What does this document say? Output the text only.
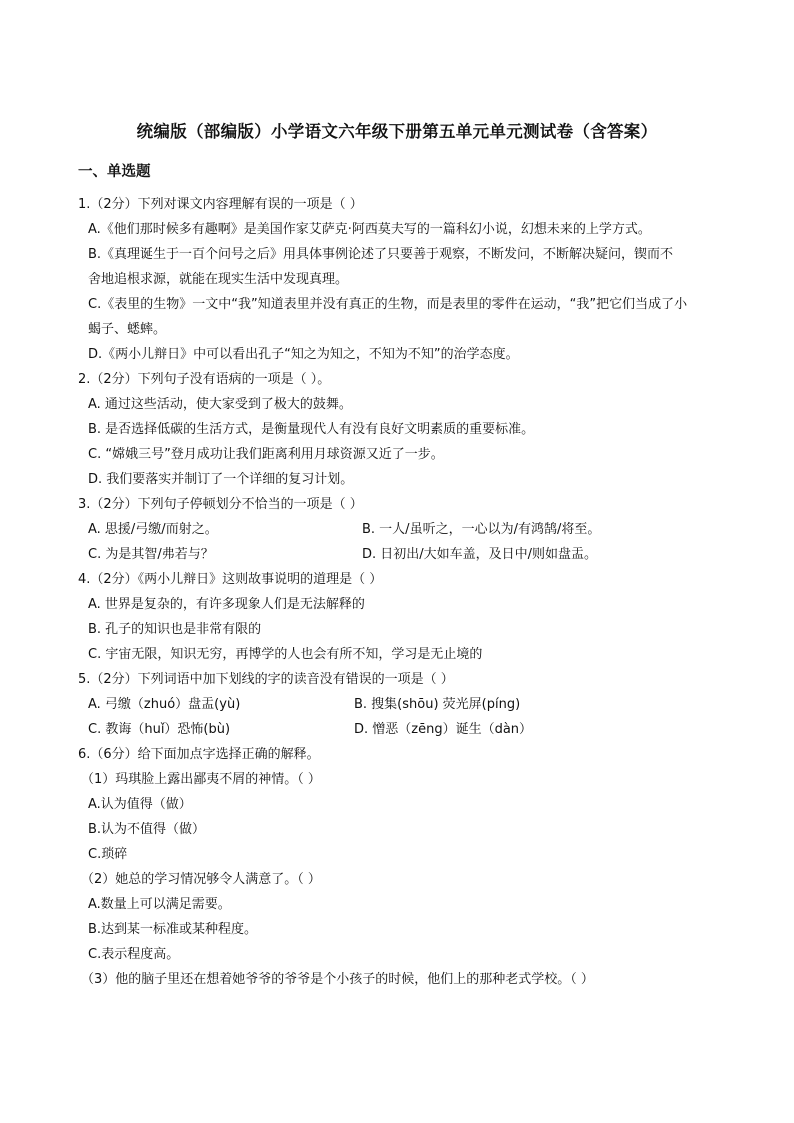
统编版（部编版）小学语文六年级下册第五单元单元测试卷（含答案）
一、单选题
1.（2分）下列对课文内容理解有误的一项是（ ）
A.《他们那时候多有趣啊》是美国作家艾萨克·阿西莫夫写的一篇科幻小说，幻想未来的上学方式。
B.《真理诞生于一百个问号之后》用具体事例论述了只要善于观察，不断发问，不断解决疑问，锲而不
舍地追根求源，就能在现实生活中发现真理。
C.《表里的生物》一文中“我”知道表里并没有真正的生物，而是表里的零件在运动，“我”把它们当成了小
蝎子、蟋蟀。
D.《两小儿辩日》中可以看出孔子“知之为知之，不知为不知”的治学态度。
2.（2分）下列句子没有语病的一项是（ ）。
A. 通过这些活动，使大家受到了极大的鼓舞。
B. 是否选择低碳的生活方式，是衡量现代人有没有良好文明素质的重要标准。
C. “嫦娥三号”登月成功让我们距离利用月球资源又近了一步。
D. 我们要落实并制订了一个详细的复习计划。
3.（2分）下列句子停顿划分不恰当的一项是（ ）
A. 思援/弓缴/而射之。	B. 一人/虽听之，一心以为/有鸿鹄/将至。
C. 为是其智/弗若与？	D. 日初出/大如车盖，及日中/则如盘盂。
4.（2分）《两小儿辩日》这则故事说明的道理是（ ）
A. 世界是复杂的，有许多现象人们是无法解释的
B. 孔子的知识也是非常有限的
C. 宇宙无限，知识无穷，再博学的人也会有所不知，学习是无止境的
5.（2分）下列词语中加下划线的字的读音没有错误的一项是（ ）
A. 弓缴（zhuó）盘盂(yù)	B. 搜集(shōu) 荧光屏(píng)
C. 教诲（huǐ）恐怖(bù)	D. 憎恶（zēng）诞生（dàn）
6.（6分）给下面加点字选择正确的解释。
（1）玛琪脸上露出鄙夷不屑的神情。（ ）
A.认为值得（做）
B.认为不值得（做）
C.琐碎
（2）她总的学习情况够令人满意了。（ ）
A.数量上可以满足需要。
B.达到某一标准或某种程度。
C.表示程度高。
（3）他的脑子里还在想着她爷爷的爷爷是个小孩子的时候，他们上的那种老式学校。（ ）
